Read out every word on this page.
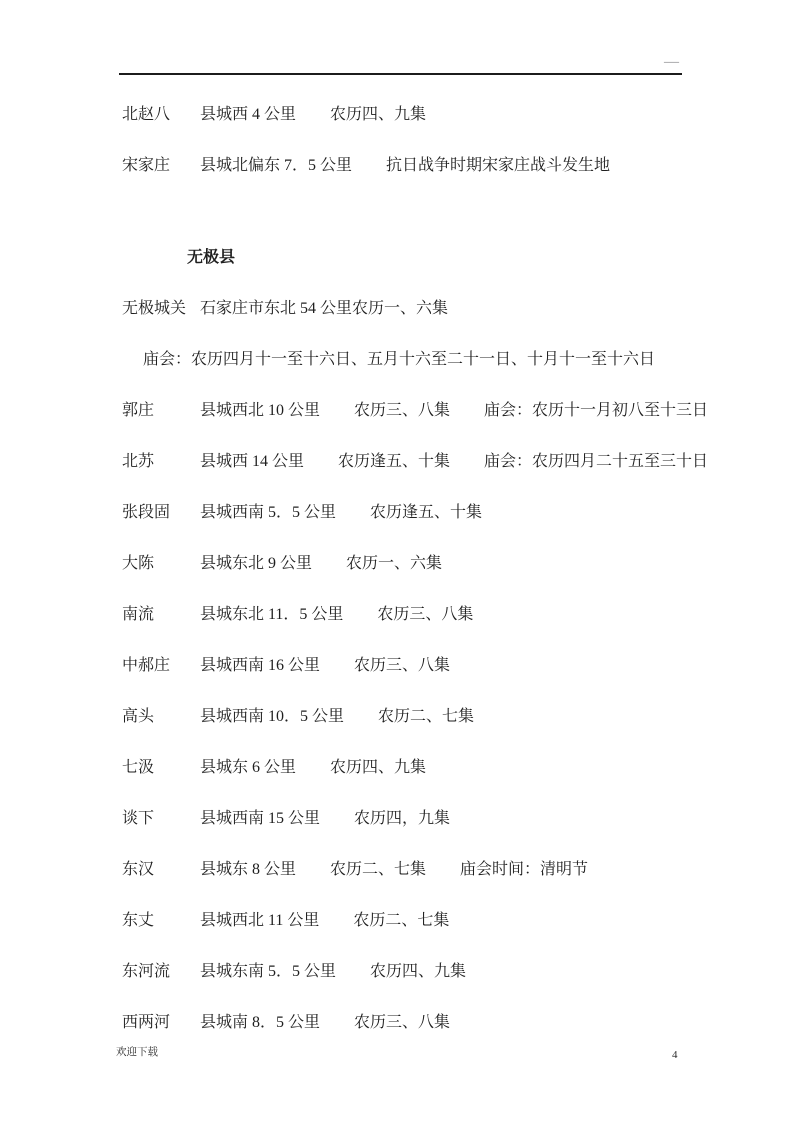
—
北赵八	县城西 4 公里 农历四、九集
宋家庄	县城北偏东 7．5 公里 抗日战争时期宋家庄战斗发生地
无极县
无极城关 石家庄市东北 54 公里农历一、六集
庙会：农历四月十一至十六日、五月十六至二十一日、十月十一至十六日
郭庄	县城西北 10 公里 农历三、八集 庙会：农历十一月初八至十三日
北苏	县城西 14 公里 农历逢五、十集 庙会：农历四月二十五至三十日
张段固	县城西南 5．5 公里 农历逢五、十集
大陈	县城东北 9 公里 农历一、六集
南流	县城东北 11．5 公里 农历三、八集
中郝庄	县城西南 16 公里 农历三、八集
高头	县城西南 10．5 公里 农历二、七集
七汲	县城东 6 公里 农历四、九集
谈下	县城西南 15 公里 农历四，九集
东汉	县城东 8 公里 农历二、七集 庙会时间：清明节
东丈	县城西北 11 公里 农历二、七集
东河流	县城东南 5．5 公里 农历四、九集
西两河	县城南 8．5 公里 农历三、八集
欢迎下载	4
